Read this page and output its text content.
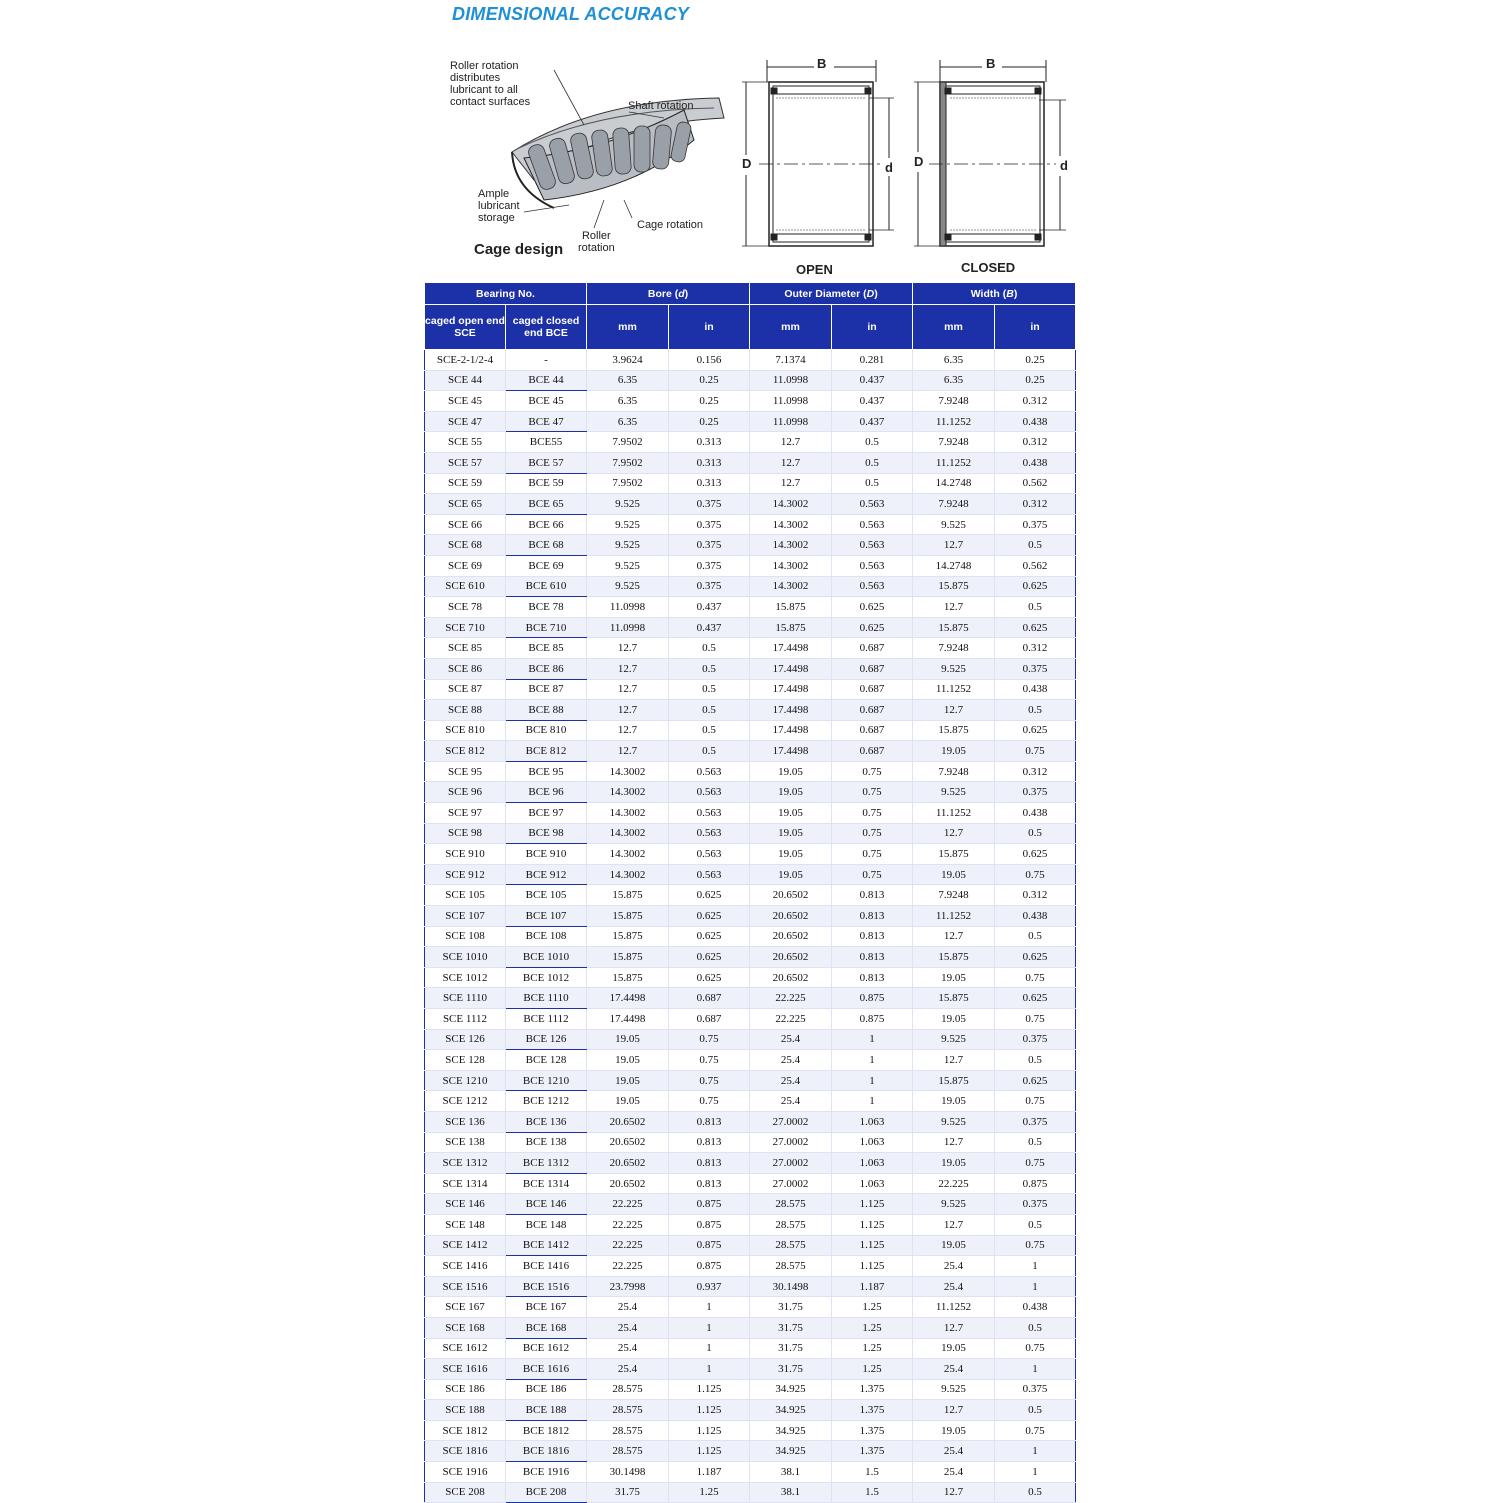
DIMENSIONAL ACCURACY
Roller rotation
distributes
lubricant to all
contact surfaces	Shaft rotation
Ample
lubricant
storage
Cage rotation
Roller
rotation
Cage design
B
D	d
OPEN
B
D	d
CLOSED
Bearing No.		Bore (d)		Outer Diameter (D)		Width (B)	
caged open end SCE	caged closed end BCE	mm	in	mm	in	mm	in
SCE-2-1/2-4	-	3.9624	0.156	7.1374	0.281	6.35	0.25
SCE 44	BCE 44	6.35	0.25	11.0998	0.437	6.35	0.25
SCE 45	BCE 45	6.35	0.25	11.0998	0.437	7.9248	0.312
SCE 47	BCE 47	6.35	0.25	11.0998	0.437	11.1252	0.438
SCE 55	BCE55	7.9502	0.313	12.7	0.5	7.9248	0.312
SCE 57	BCE 57	7.9502	0.313	12.7	0.5	11.1252	0.438
SCE 59	BCE 59	7.9502	0.313	12.7	0.5	14.2748	0.562
SCE 65	BCE 65	9.525	0.375	14.3002	0.563	7.9248	0.312
SCE 66	BCE 66	9.525	0.375	14.3002	0.563	9.525	0.375
SCE 68	BCE 68	9.525	0.375	14.3002	0.563	12.7	0.5
SCE 69	BCE 69	9.525	0.375	14.3002	0.563	14.2748	0.562
SCE 610	BCE 610	9.525	0.375	14.3002	0.563	15.875	0.625
SCE 78	BCE 78	11.0998	0.437	15.875	0.625	12.7	0.5
SCE 710	BCE 710	11.0998	0.437	15.875	0.625	15.875	0.625
SCE 85	BCE 85	12.7	0.5	17.4498	0.687	7.9248	0.312
SCE 86	BCE 86	12.7	0.5	17.4498	0.687	9.525	0.375
SCE 87	BCE 87	12.7	0.5	17.4498	0.687	11.1252	0.438
SCE 88	BCE 88	12.7	0.5	17.4498	0.687	12.7	0.5
SCE 810	BCE 810	12.7	0.5	17.4498	0.687	15.875	0.625
SCE 812	BCE 812	12.7	0.5	17.4498	0.687	19.05	0.75
SCE 95	BCE 95	14.3002	0.563	19.05	0.75	7.9248	0.312
SCE 96	BCE 96	14.3002	0.563	19.05	0.75	9.525	0.375
SCE 97	BCE 97	14.3002	0.563	19.05	0.75	11.1252	0.438
SCE 98	BCE 98	14.3002	0.563	19.05	0.75	12.7	0.5
SCE 910	BCE 910	14.3002	0.563	19.05	0.75	15.875	0.625
SCE 912	BCE 912	14.3002	0.563	19.05	0.75	19.05	0.75
SCE 105	BCE 105	15.875	0.625	20.6502	0.813	7.9248	0.312
SCE 107	BCE 107	15.875	0.625	20.6502	0.813	11.1252	0.438
SCE 108	BCE 108	15.875	0.625	20.6502	0.813	12.7	0.5
SCE 1010	BCE 1010	15.875	0.625	20.6502	0.813	15.875	0.625
SCE 1012	BCE 1012	15.875	0.625	20.6502	0.813	19.05	0.75
SCE 1110	BCE 1110	17.4498	0.687	22.225	0.875	15.875	0.625
SCE 1112	BCE 1112	17.4498	0.687	22.225	0.875	19.05	0.75
SCE 126	BCE 126	19.05	0.75	25.4	1	9.525	0.375
SCE 128	BCE 128	19.05	0.75	25.4	1	12.7	0.5
SCE 1210	BCE 1210	19.05	0.75	25.4	1	15.875	0.625
SCE 1212	BCE 1212	19.05	0.75	25.4	1	19.05	0.75
SCE 136	BCE 136	20.6502	0.813	27.0002	1.063	9.525	0.375
SCE 138	BCE 138	20.6502	0.813	27.0002	1.063	12.7	0.5
SCE 1312	BCE 1312	20.6502	0.813	27.0002	1.063	19.05	0.75
SCE 1314	BCE 1314	20.6502	0.813	27.0002	1.063	22.225	0.875
SCE 146	BCE 146	22.225	0.875	28.575	1.125	9.525	0.375
SCE 148	BCE 148	22.225	0.875	28.575	1.125	12.7	0.5
SCE 1412	BCE 1412	22.225	0.875	28.575	1.125	19.05	0.75
SCE 1416	BCE 1416	22.225	0.875	28.575	1.125	25.4	1
SCE 1516	BCE 1516	23.7998	0.937	30.1498	1.187	25.4	1
SCE 167	BCE 167	25.4	1	31.75	1.25	11.1252	0.438
SCE 168	BCE 168	25.4	1	31.75	1.25	12.7	0.5
SCE 1612	BCE 1612	25.4	1	31.75	1.25	19.05	0.75
SCE 1616	BCE 1616	25.4	1	31.75	1.25	25.4	1
SCE 186	BCE 186	28.575	1.125	34.925	1.375	9.525	0.375
SCE 188	BCE 188	28.575	1.125	34.925	1.375	12.7	0.5
SCE 1812	BCE 1812	28.575	1.125	34.925	1.375	19.05	0.75
SCE 1816	BCE 1816	28.575	1.125	34.925	1.375	25.4	1
SCE 1916	BCE 1916	30.1498	1.187	38.1	1.5	25.4	1
SCE 208	BCE 208	31.75	1.25	38.1	1.5	12.7	0.5
